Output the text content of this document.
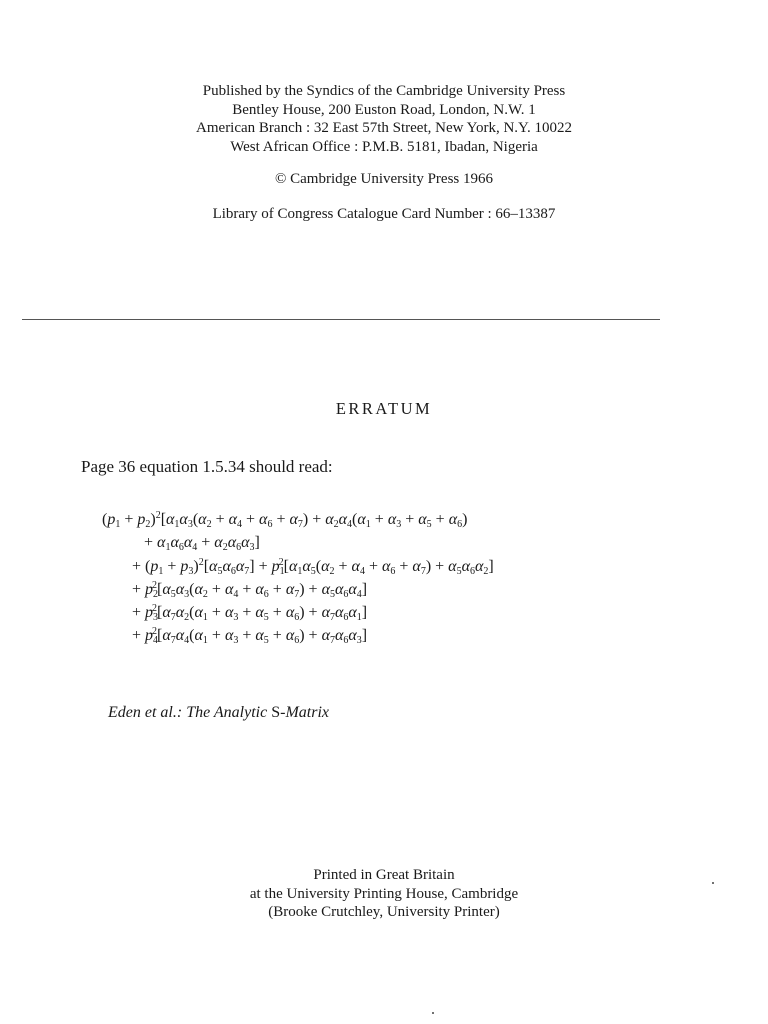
Published by the Syndics of the Cambridge University Press
Bentley House, 200 Euston Road, London, N.W. 1
American Branch : 32 East 57th Street, New York, N.Y. 10022
West African Office : P.M.B. 5181, Ibadan, Nigeria
© Cambridge University Press 1966
Library of Congress Catalogue Card Number : 66–13387
ERRATUM
Page 36 equation 1.5.34 should read:
$(p_1 + p_2)^2[\alpha_1\alpha_3(\alpha_2 + \alpha_4 + \alpha_6 + \alpha_7) + \alpha_2\alpha_4(\alpha_1 + \alpha_3 + \alpha_5 + \alpha_6)$
+ $\alpha_1\alpha_6\alpha_4 + \alpha_2\alpha_6\alpha_3$]
+ $(p_1 + p_3)^2[\alpha_5\alpha_6\alpha_7] + p_1^2[\alpha_1\alpha_5(\alpha_2 + \alpha_4 + \alpha_6 + \alpha_7) + \alpha_5\alpha_6\alpha_2]$
+ $p_2^2[\alpha_5\alpha_3(\alpha_2 + \alpha_4 + \alpha_6 + \alpha_7) + \alpha_5\alpha_6\alpha_4]$
+ $p_3^2[\alpha_7\alpha_2(\alpha_1 + \alpha_3 + \alpha_5 + \alpha_6) + \alpha_7\alpha_6\alpha_1]$
+ $p_4^2[\alpha_7\alpha_4(\alpha_1 + \alpha_3 + \alpha_5 + \alpha_6) + \alpha_7\alpha_6\alpha_3]$
Eden et al.: The Analytic S-Matrix
Printed in Great Britain
at the University Printing House, Cambridge
(Brooke Crutchley, University Printer)
